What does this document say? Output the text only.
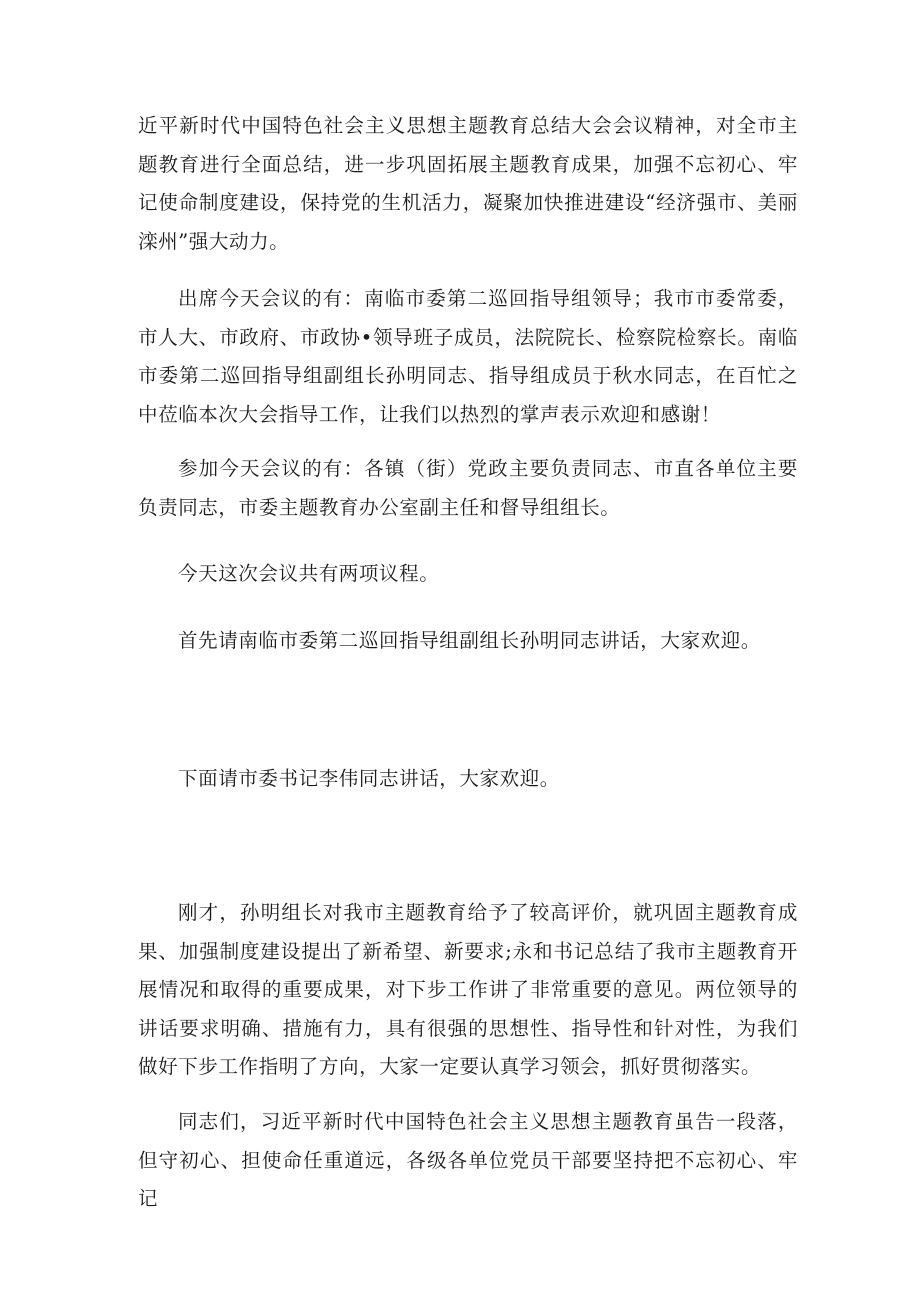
近平新时代中国特色社会主义思想主题教育总结大会会议精神，对全市主题教育进行全面总结，进一步巩固拓展主题教育成果，加强不忘初心、牢记使命制度建设，保持党的生机活力，凝聚加快推进建设“经济强市、美丽滦州”强大动力。

出席今天会议的有：南临市委第二巡回指导组领导；我市市委常委，市人大、市政府、市政协•领导班子成员，法院院长、检察院检察长。南临市委第二巡回指导组副组长孙明同志、指导组成员于秋水同志，在百忙之中莅临本次大会指导工作，让我们以热烈的掌声表示欢迎和感谢！

参加今天会议的有：各镇（街）党政主要负责同志、市直各单位主要负责同志，市委主题教育办公室副主任和督导组组长。

今天这次会议共有两项议程。

首先请南临市委第二巡回指导组副组长孙明同志讲话，大家欢迎。

下面请市委书记李伟同志讲话，大家欢迎。

刚才，孙明组长对我市主题教育给予了较高评价，就巩固主题教育成果、加强制度建设提出了新希望、新要求;永和书记总结了我市主题教育开展情况和取得的重要成果，对下步工作讲了非常重要的意见。两位领导的讲话要求明确、措施有力，具有很强的思想性、指导性和针对性，为我们做好下步工作指明了方向，大家一定要认真学习领会，抓好贯彻落实。

同志们，习近平新时代中国特色社会主义思想主题教育虽告一段落，但守初心、担使命任重道远，各级各单位党员干部要坚持把不忘初心、牢记
